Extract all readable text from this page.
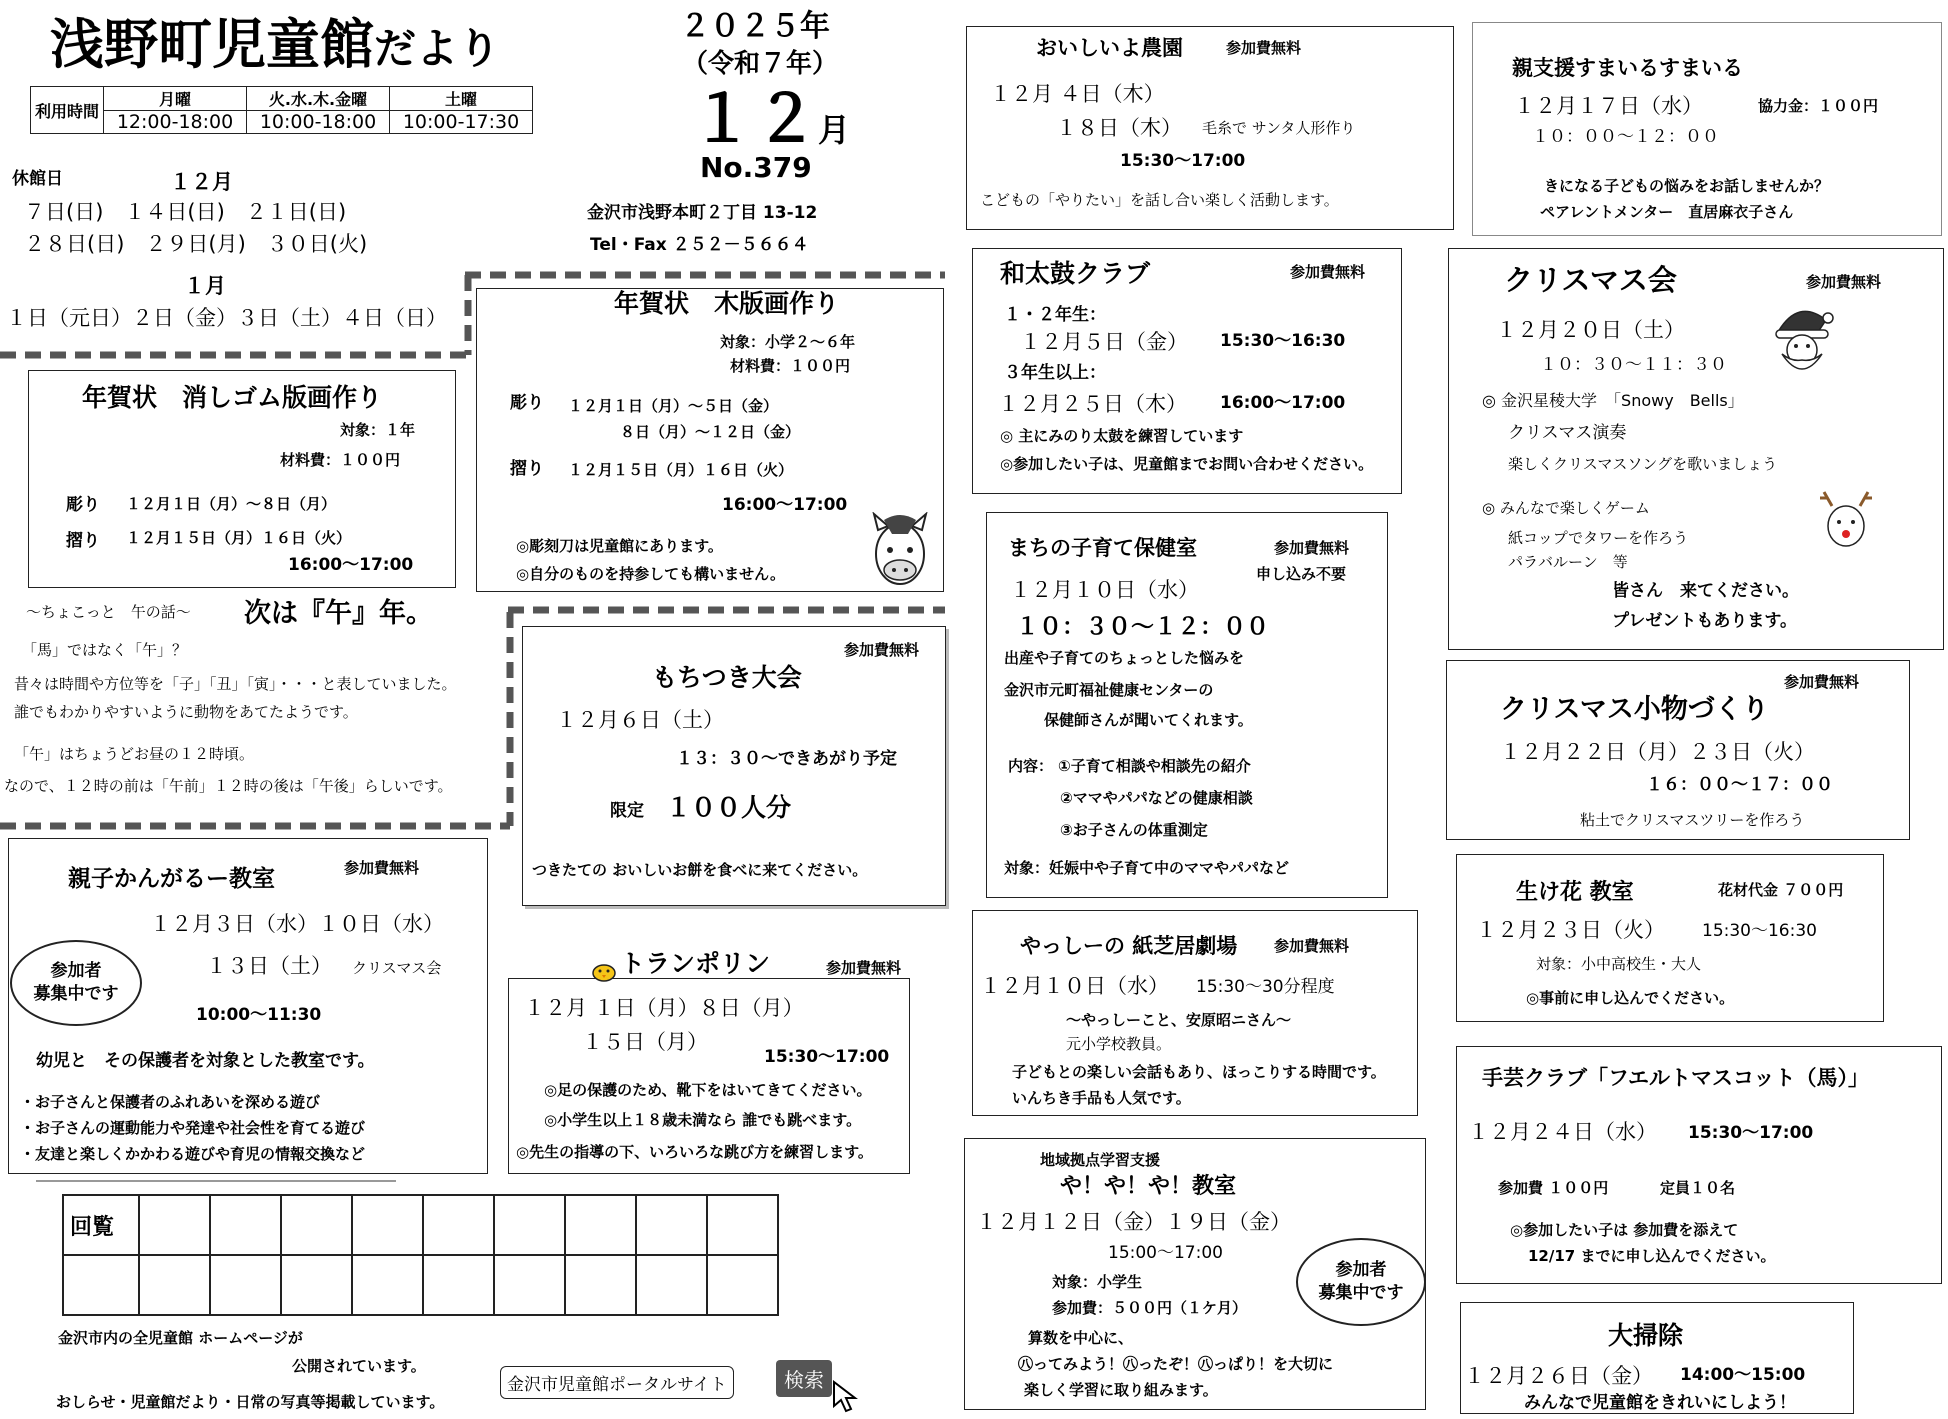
浅野町児童館だより	２０２５年
（令和７年）
１２月
No.379
金沢市浅野本町２丁目 13-12
Tel・Fax ２５２－５６６４
利用時間	月曜	火.水.木.金曜	土曜
	12:00-18:00	10:00-18:00	10:00-17:30
休館日	１２月
７日(日)　１４日(日)　２１日(日)
２８日(日)　２９日(月)　３０日(火)
１月
１日（元日）２日（金）３日（土）４日（日）
年賀状　消しゴム版画作り
対象：１年
材料費：１００円
彫り １２月１日（月）～８日（月）
摺り １２月１５日（月）１６日（火）
16:00～17:00
年賀状　木版画作り
対象：小学２～６年
材料費：１００円
彫り １２月１日（月）～５日（金）
８日（月）～１２日（金）
摺り １２月１５日（月）１６日（火）
16:00～17:00
◎彫刻刀は児童館にあります。
◎自分のものを持参しても構いません。
～ちょこっと　午の話～ 次は『午』年。
「馬」ではなく「午」？
昔々は時間や方位等を「子」「丑」「寅」・・・と表していました。
誰でもわかりやすいように動物をあてたようです。
「午」はちょうどお昼の１２時頃。
なので、１２時の前は「午前」１２時の後は「午後」らしいです。
参加費無料
もちつき大会
１２月６日（土）
１３：３０～できあがり予定
限定 １００人分
つきたての おいしいお餅を食べに来てください。
親子かんがるー教室	参加費無料
１２月３日（水）１０日（水）
１３日（土） クリスマス会
10:00～11:30
参加者
募集中です
幼児と　その保護者を対象とした教室です。
・お子さんと保護者のふれあいを深める遊び
・お子さんの運動能力や発達や社会性を育てる遊び
・友達と楽しくかかわる遊びや育児の情報交換など
トランポリン	参加費無料
１２月 １日（月）８日（月）
１５日（月）
15:30～17:00
◎足の保護のため、靴下をはいてきてください。
◎小学生以上１８歳未満なら 誰でも跳べます。
◎先生の指導の下、いろいろな跳び方を練習します。
回覧									

金沢市内の全児童館 ホームページが
公開されています。
おしらせ・児童館だより・日常の写真等掲載しています。
金沢市児童館ポータルサイト	検索
おいしいよ農園	参加費無料
１２月 ４日（木）
１８日（木） 毛糸で サンタ人形作り
15:30～17:00
こどもの「やりたい」を話し合い楽しく活動します。
和太鼓クラブ	参加費無料
１・２年生：
１２月５日（金） 15:30～16:30
３年生以上：
１２月２５日（木） 16:00～17:00
◎ 主にみのり太鼓を練習しています
◎参加したい子は、児童館までお問い合わせください。
まちの子育て保健室	参加費無料
申し込み不要
１２月１０日（水）
１０：３０～１２：００
出産や子育てのちょっとした悩みを
金沢市元町福祉健康センターの
保健師さんが聞いてくれます。
内容： ①子育て相談や相談先の紹介
②ママやパパなどの健康相談
③お子さんの体重測定
対象：妊娠中や子育て中のママやパパなど
やっしーの 紙芝居劇場 参加費無料
１２月１０日（水） 15:30～30分程度
～やっしーこと、安原昭ニさん～
元小学校教員。
子どもとの楽しい会話もあり、ほっこりする時間です。
いんちき手品も人気です。
地域拠点学習支援
や！や！や！教室
１２月１２日（金）１９日（金）
15:00～17:00
対象：小学生
参加費：５００円（１ケ月）
参加者
募集中です
算数を中心に、
㊇ってみよう！㊇ったぞ！㊇っぱり！を大切に
楽しく学習に取り組みます。
親支援すまいるすまいる
１２月１７日（水）	協力金：１００円
１０：００～１２：００
きになる子どもの悩みをお話しませんか？
ペアレントメンター　直居麻衣子さん
クリスマス会	参加費無料
１２月２０日（土）
１０：３０～１１：３０
◎ 金沢星稜大学　「Snowy　Bells」
クリスマス演奏
楽しくクリスマスソングを歌いましょう
◎ みんなで楽しくゲーム
紙コップでタワーを作ろう
パラバルーン　等
皆さん　来てください。
プレゼントもあります。
参加費無料
クリスマス小物づくり
１２月２２日（月）２３日（火）
１６：００～１７：００
粘土でクリスマスツリーを作ろう
生け花 教室	花材代金 ７００円
１２月２３日（火） 15:30～16:30
対象：小中高校生・大人
◎事前に申し込んでください。
手芸クラブ「フエルトマスコット（馬）」
１２月２４日（水） 15:30～17:00
参加費 １００円	定員１０名
◎参加したい子は 参加費を添えて
12/17 までに申し込んでください。
大掃除
１２月２６日（金） 14:00～15:00
みんなで児童館をきれいにしよう！
